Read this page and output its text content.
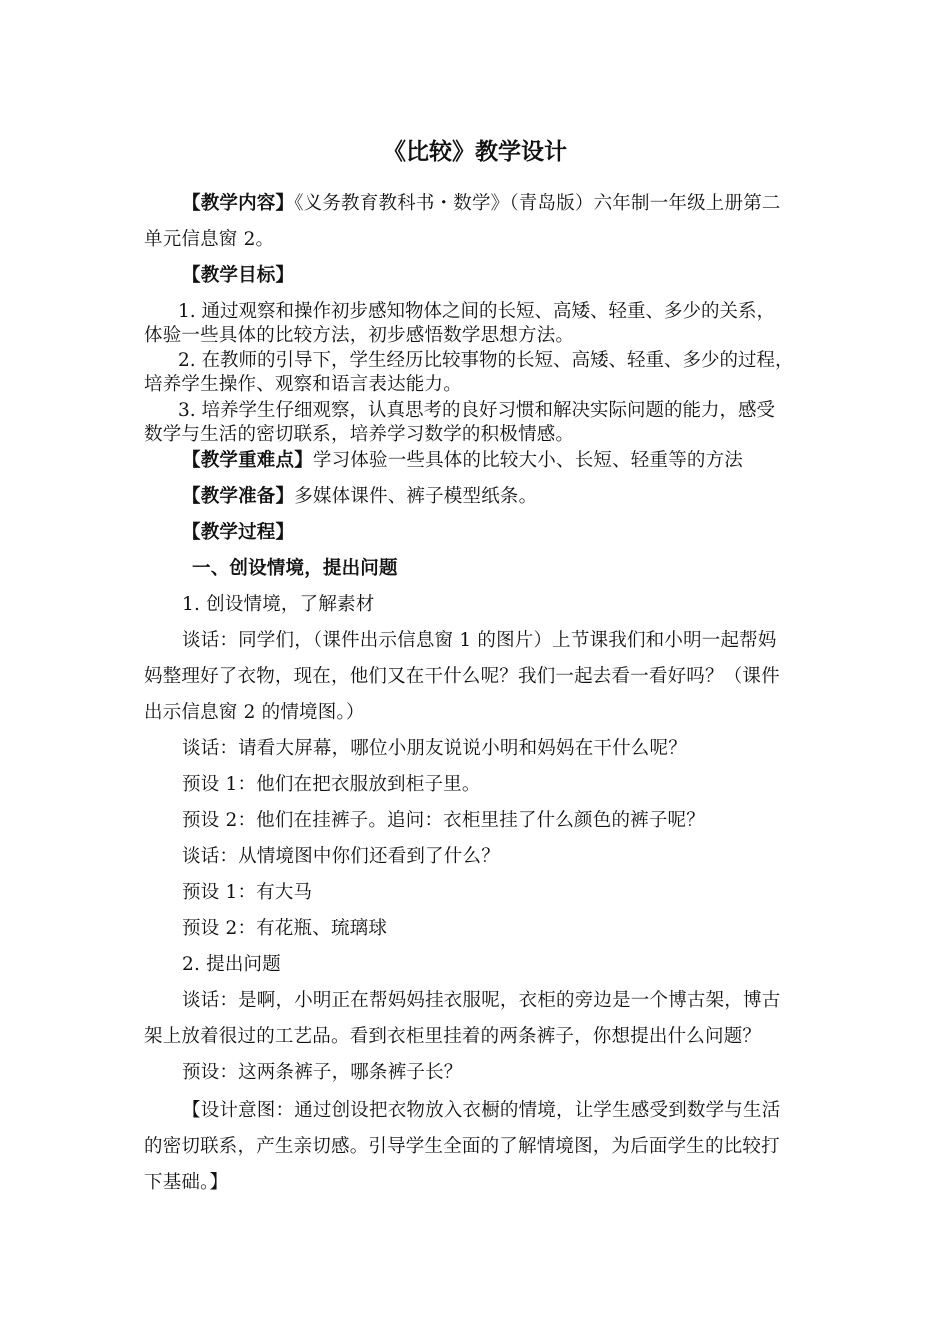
《比较》教学设计
【教学内容】《义务教育教科书・数学》（青岛版）六年制一年级上册第二
单元信息窗 2。
【教学目标】
1. 通过观察和操作初步感知物体之间的长短、高矮、轻重、多少的关系，
体验一些具体的比较方法，初步感悟数学思想方法。
2. 在教师的引导下，学生经历比较事物的长短、高矮、轻重、多少的过程，
培养学生操作、观察和语言表达能力。
3. 培养学生仔细观察，认真思考的良好习惯和解决实际问题的能力，感受
数学与生活的密切联系，培养学习数学的积极情感。
【教学重难点】学习体验一些具体的比较大小、长短、轻重等的方法
【教学准备】多媒体课件、裤子模型纸条。
【教学过程】
一、创设情境，提出问题
1. 创设情境，了解素材
谈话：同学们，（课件出示信息窗 1 的图片）上节课我们和小明一起帮妈
妈整理好了衣物，现在，他们又在干什么呢？我们一起去看一看好吗？（课件
出示信息窗 2 的情境图。）
谈话：请看大屏幕，哪位小朋友说说小明和妈妈在干什么呢？
预设 1：他们在把衣服放到柜子里。
预设 2：他们在挂裤子。追问：衣柜里挂了什么颜色的裤子呢？
谈话：从情境图中你们还看到了什么？
预设 1：有大马
预设 2：有花瓶、琉璃球
2. 提出问题
谈话：是啊，小明正在帮妈妈挂衣服呢，衣柜的旁边是一个博古架，博古
架上放着很过的工艺品。看到衣柜里挂着的两条裤子，你想提出什么问题？
预设：这两条裤子，哪条裤子长？
【设计意图：通过创设把衣物放入衣橱的情境，让学生感受到数学与生活
的密切联系，产生亲切感。引导学生全面的了解情境图，为后面学生的比较打
下基础。】
